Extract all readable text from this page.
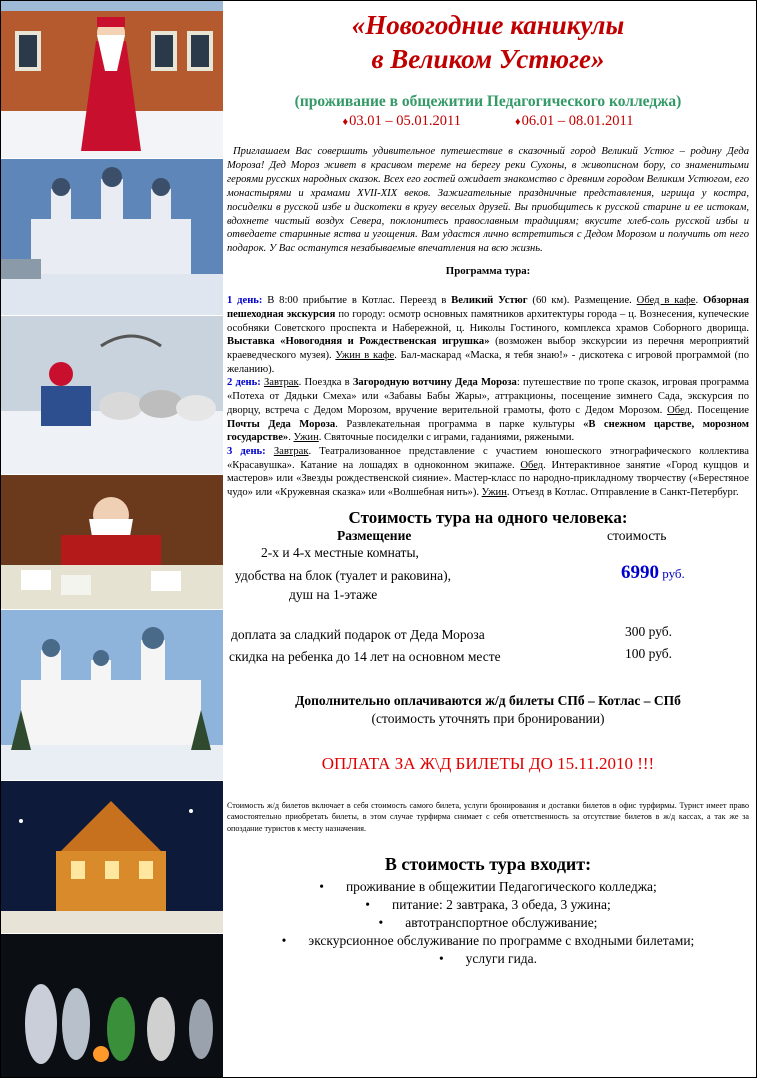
«Новогодние каникулы
в Великом Устюге»
(проживание в общежитии Педагогического колледжа)
♦ 03.01 – 05.01.2011
♦	06.01 – 08.01.2011

Приглашаем Вас совершить удивительное путешествие в сказочный город Великий Устюг – родину Деда Мороза! Дед Мороз живет в красивом тереме на берегу реки Сухоны, в живописном бору, со знаменитыми героями русских народных сказок. Всех его гостей ожидает знакомство с древним городом Великим Устюгом, его монастырями и храмами XVII-XIX веков. Зажигательные праздничные представления, игрища у костра, посиделки в русской избе и дискотеки в кругу веселых друзей. Вы приобщитесь к русской старине и ее истокам, вдохнете чистый воздух Севера, поклонитесь православным традициям; вкусите хлеб-соль русской избы и отведаете старинные яства и угощения. Вам удастся лично встретиться с Дедом Морозом и получить от него подарок. У Вас останутся незабываемые впечатления на всю жизнь.

Программа тура:

1 день: В 8:00 прибытие в Котлас. Переезд в Великий Устюг (60 км). Размещение. Обед в кафе. Обзорная пешеходная экскурсия по городу: осмотр основных памятников архитектуры города – ц. Вознесения, купеческие особняки Советского проспекта и Набережной, ц. Николы Гостиного, комплекса храмов Соборного дворища. Выставка «Новогодняя и Рождественская игрушка» (возможен выбор экскурсии из перечня мероприятий краеведческого музея). Ужин в кафе. Бал-маскарад «Маска, я тебя знаю!» - дискотека с игровой программой (по желанию).

2 день: Завтрак. Поездка в Загородную вотчину Деда Мороза: путешествие по тропе сказок, игровая программа «Потеха от Дядьки Смеха» или «Забавы Бабы Жары», аттракционы, посещение зимнего Сада, экскурсия по дворцу, встреча с Дедом Морозом, вручение верительной грамоты, фото с Дедом Морозом. Обед. Посещение Почты Деда Мороза. Развлекательная программа в парке культуры «В снежном царстве, морозном государстве». Ужин. Святочные посиделки с играми, гаданиями, ряжеными.

3 день: Завтрак. Театрализованное представление с участием юношеского этнографического коллектива «Красавушка». Катание на лошадях в одноконном экипаже. Обед. Интерактивное занятие «Город кущцов и мастеров» или «Звезды рождественской сияние». Мастер-класс по народно-прикладному творчеству («Берестяное чудо» или «Кружевная сказка» или «Волшебная нить»). Ужин. Отъезд в Котлас. Отправление в Санкт-Петербург.

Стоимость тура на одного человека:
Размещение	стоимость
2-х и 4-х местные комнаты,
удобства на блок (туалет и раковина),
душ на 1-этаже
6990 руб.
доплата за сладкий подарок от Деда Мороза	300 руб.
скидка на ребенка до 14 лет на основном месте	100 руб.
Дополнительно оплачиваются ж/д билеты СПб – Котлас – СПб
(стоимость уточнять при бронировании)
ОПЛАТА ЗА Ж\Д БИЛЕТЫ ДО 15.11.2010 !!!
Стоимость ж/д билетов включает в себя стоимость самого билета, услуги бронирования и доставки билетов в офис турфирмы. Турист имеет право самостоятельно приобретать билеты, в этом случае турфирма снимает с себя ответственность за отсутствие билетов в ж/д кассах, а так же за опоздание туристов к месту назначения.
В стоимость тура входит:
• проживание в общежитии Педагогического колледжа;
• питание: 2 завтрака, 3 обеда, 3 ужина;
• автотранспортное обслуживание;
• экскурсионное обслуживание по программе с входными билетами;
• услуги гида.
